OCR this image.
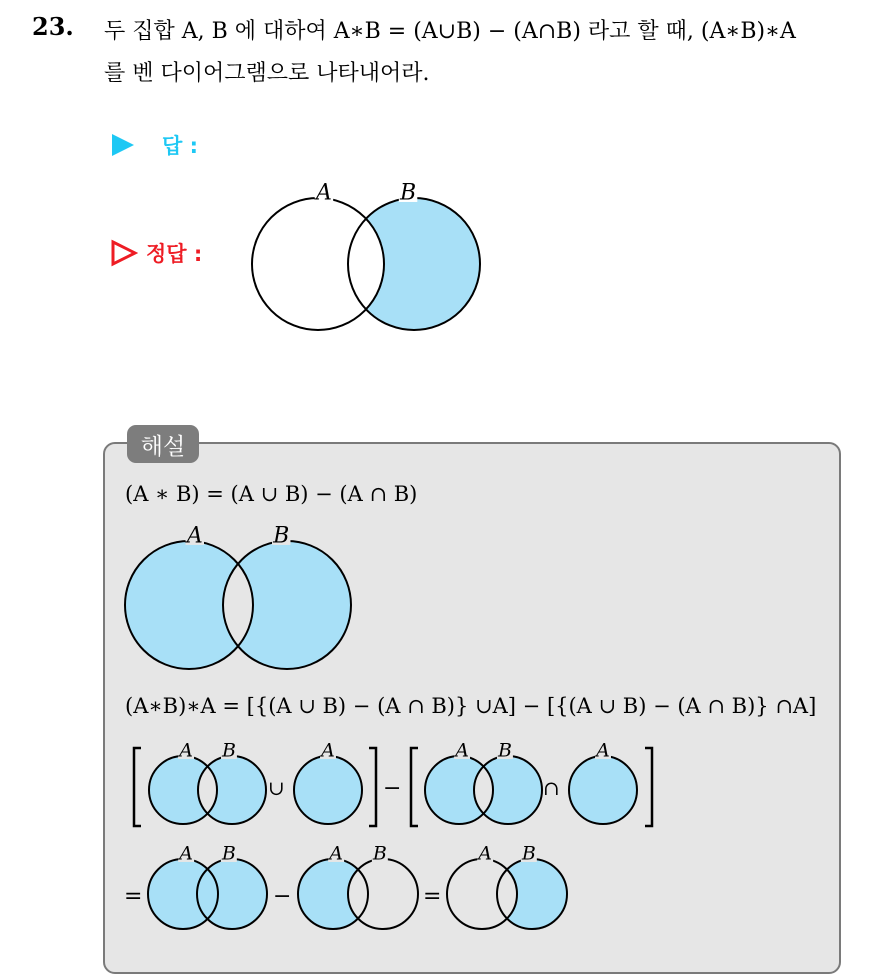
23. 두 집합 A, B 에 대하여 A∗B = (A∪B) − (A∩B) 라고 할 때, (A∗B)∗A
를 벤 다이어그램으로 나타내어라.
답 :
정답 :
해설
(A ∗ B) = (A ∪ B) − (A ∩ B)
(A∗B)∗A = [{(A ∪ B) − (A ∩ B)} ∪A] − [{(A ∪ B) − (A ∩ B)} ∩A]
∪	−	∩
=	−	=
A	B
A	B
A B	A B
A B	A B	A B
A	A
